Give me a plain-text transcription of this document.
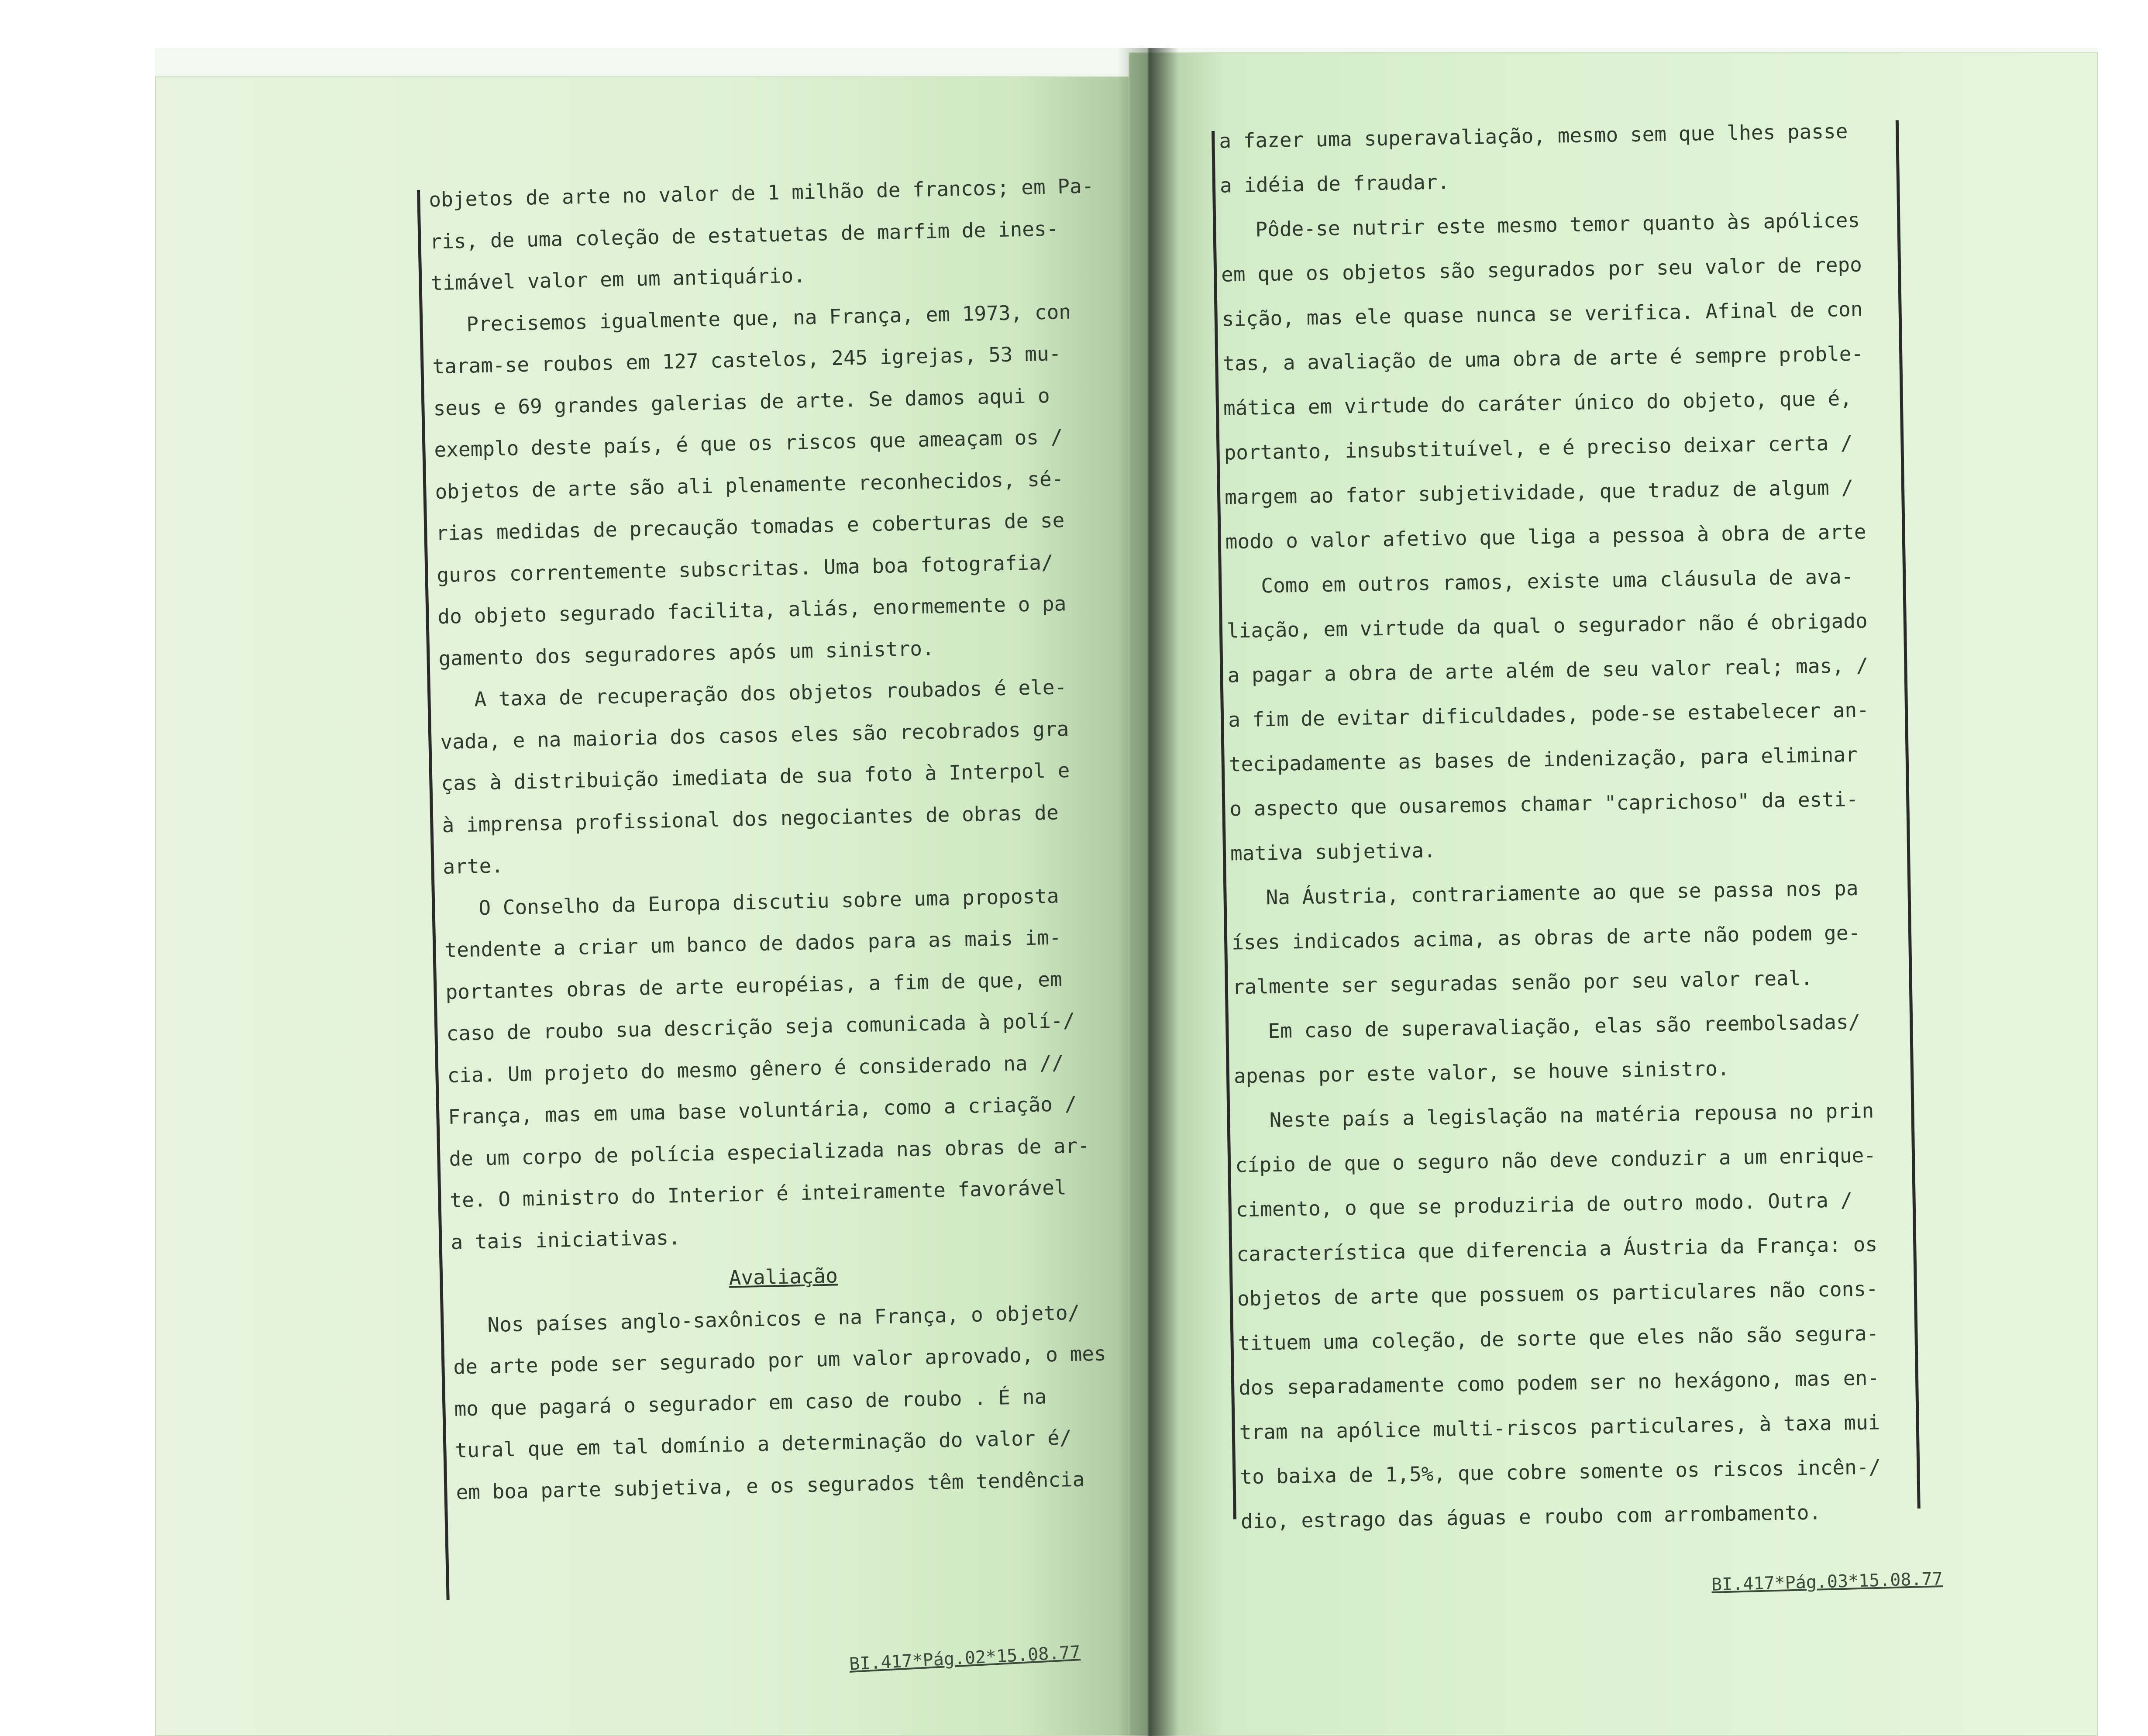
objetos de arte no valor de 1 milhão de francos; em Pa-
ris, de uma coleção de estatuetas de marfim de ines-
timável valor em um antiquário.
Precisemos igualmente que, na França, em 1973, con
taram-se roubos em 127 castelos, 245 igrejas, 53 mu-
seus e 69 grandes galerias de arte. Se damos aqui o
exemplo deste país, é que os riscos que ameaçam os /
objetos de arte são ali plenamente reconhecidos, sé-
rias medidas de precaução tomadas e coberturas de se
guros correntemente subscritas. Uma boa fotografia/
do objeto segurado facilita, aliás, enormemente o pa
gamento dos seguradores após um sinistro.
A taxa de recuperação dos objetos roubados é ele-
vada, e na maioria dos casos eles são recobrados gra
ças à distribuição imediata de sua foto à Interpol e
à imprensa profissional dos negociantes de obras de
arte.
O Conselho da Europa discutiu sobre uma proposta
tendente a criar um banco de dados para as mais im-
portantes obras de arte européias, a fim de que, em
caso de roubo sua descrição seja comunicada à polí-/
cia. Um projeto do mesmo gênero é considerado na //
França, mas em uma base voluntária, como a criação /
de um corpo de polícia especializada nas obras de ar-
te. O ministro do Interior é inteiramente favorável
a tais iniciativas.
Avaliação
Nos países anglo-saxônicos e na França, o objeto/
de arte pode ser segurado por um valor aprovado, o mes
mo que pagará o segurador em caso de roubo . É na
tural que em tal domínio a determinação do valor é/
em boa parte subjetiva, e os segurados têm tendência
a fazer uma superavaliação, mesmo sem que lhes passe
a idéia de fraudar.
Pôde-se nutrir este mesmo temor quanto às apólices
em que os objetos são segurados por seu valor de repo
sição, mas ele quase nunca se verifica. Afinal de con
tas, a avaliação de uma obra de arte é sempre proble-
mática em virtude do caráter único do objeto, que é,
portanto, insubstituível, e é preciso deixar certa /
margem ao fator subjetividade, que traduz de algum /
modo o valor afetivo que liga a pessoa à obra de arte
Como em outros ramos, existe uma cláusula de ava-
liação, em virtude da qual o segurador não é obrigado
a pagar a obra de arte além de seu valor real; mas, /
a fim de evitar dificuldades, pode-se estabelecer an-
tecipadamente as bases de indenização, para eliminar
o aspecto que ousaremos chamar "caprichoso" da esti-
mativa subjetiva.
Na Áustria, contrariamente ao que se passa nos pa
íses indicados acima, as obras de arte não podem ge-
ralmente ser seguradas senão por seu valor real.
Em caso de superavaliação, elas são reembolsadas/
apenas por este valor, se houve sinistro.
Neste país a legislação na matéria repousa no prin
cípio de que o seguro não deve conduzir a um enrique-
cimento, o que se produziria de outro modo. Outra /
característica que diferencia a Áustria da França: os
objetos de arte que possuem os particulares não cons-
tituem uma coleção, de sorte que eles não são segura-
dos separadamente como podem ser no hexágono, mas en-
tram na apólice multi-riscos particulares, à taxa mui
to baixa de 1,5%, que cobre somente os riscos incên-/
dio, estrago das águas e roubo com arrombamento.
BI.417*Pág.02*15.08.77
BI.417*Pág.03*15.08.77
